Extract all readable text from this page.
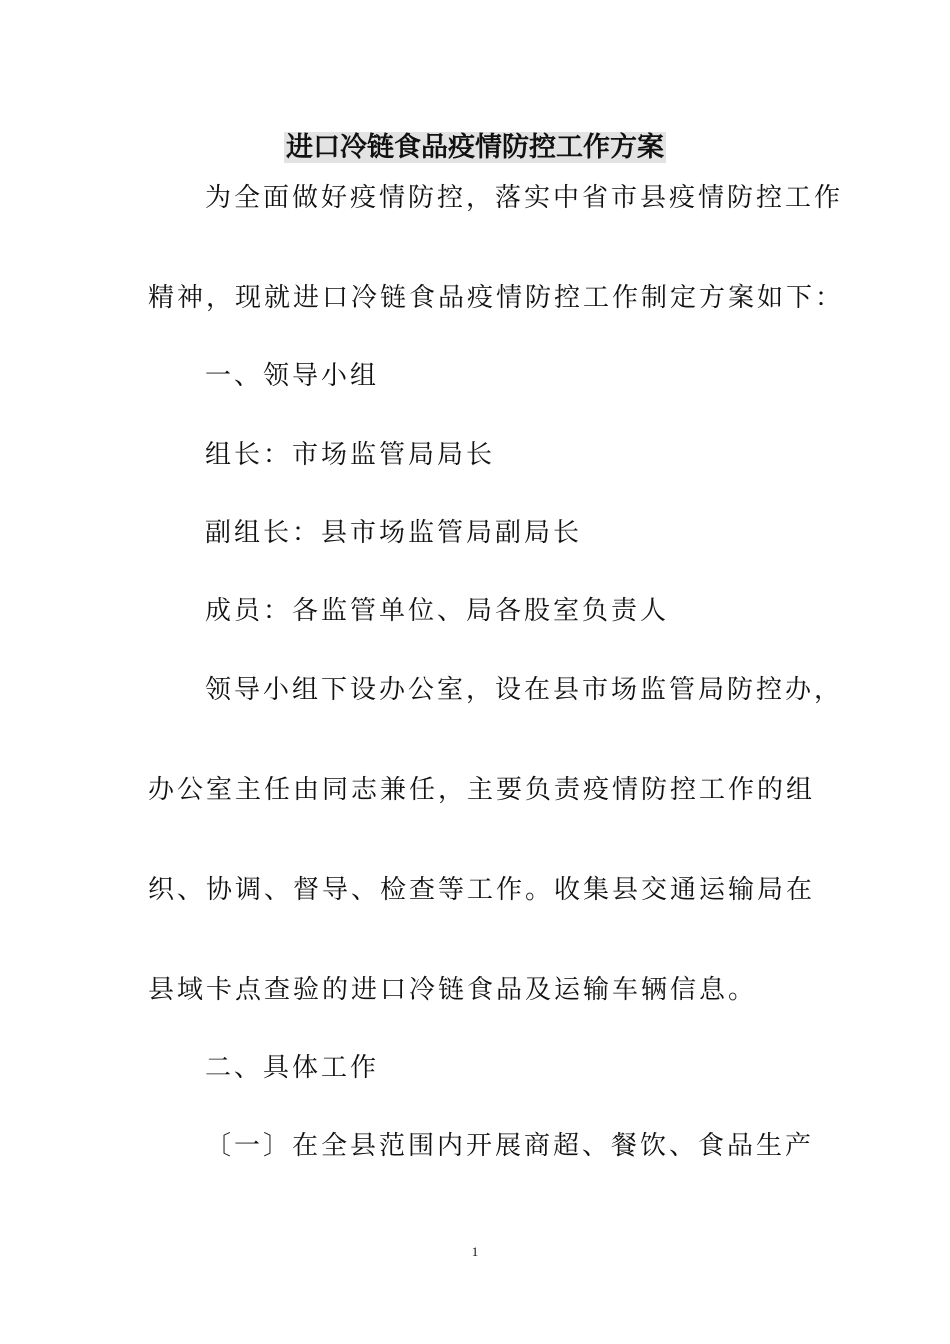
进口冷链食品疫情防控工作方案
为全面做好疫情防控，落实中省市县疫情防控工作
精神，现就进口冷链食品疫情防控工作制定方案如下：
一、领导小组
组长：市场监管局局长
副组长：县市场监管局副局长
成员：各监管单位、局各股室负责人
领导小组下设办公室，设在县市场监管局防控办，
办公室主任由同志兼任，主要负责疫情防控工作的组
织、协调、督导、检查等工作。收集县交通运输局在
县域卡点查验的进口冷链食品及运输车辆信息。
二、具体工作
〔一〕在全县范围内开展商超、餐饮、食品生产
1
